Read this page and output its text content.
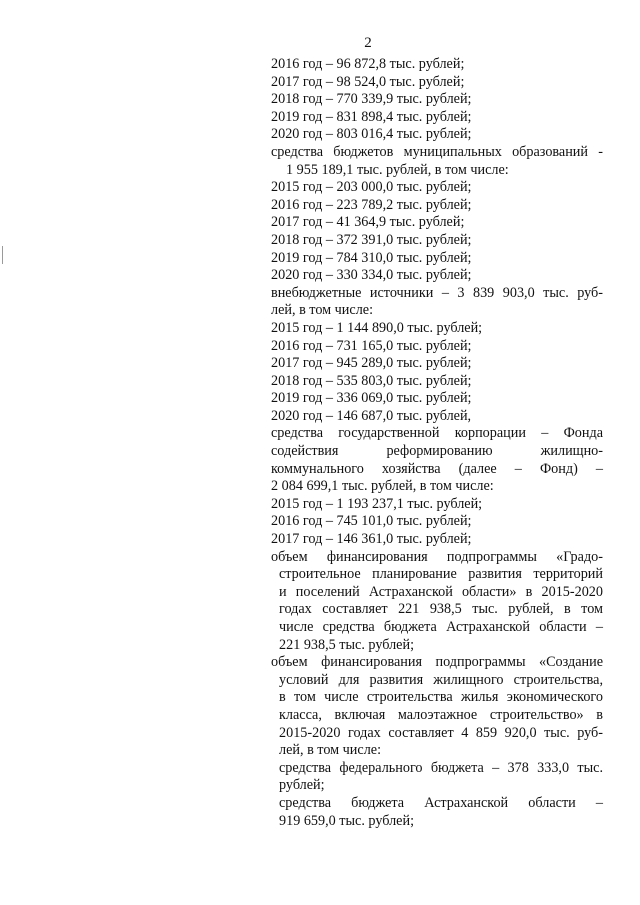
2
2016 год – 96 872,8 тыс. рублей;
2017 год – 98 524,0 тыс. рублей;
2018 год – 770 339,9 тыс. рублей;
2019 год – 831 898,4 тыс. рублей;
2020 год – 803 016,4 тыс. рублей;
средства бюджетов муниципальных образований -
1 955 189,1 тыс. рублей, в том числе:
2015 год – 203 000,0 тыс. рублей;
2016 год – 223 789,2 тыс. рублей;
2017 год – 41 364,9 тыс. рублей;
2018 год – 372 391,0 тыс. рублей;
2019 год – 784 310,0 тыс. рублей;
2020 год – 330 334,0 тыс. рублей;
внебюджетные источники – 3 839 903,0 тыс. руб-
лей, в том числе:
2015 год – 1 144 890,0 тыс. рублей;
2016 год – 731 165,0 тыс. рублей;
2017 год – 945 289,0 тыс. рублей;
2018 год – 535 803,0 тыс. рублей;
2019 год – 336 069,0 тыс. рублей;
2020 год – 146 687,0 тыс. рублей,
средства государственной корпорации – Фонда
содействия реформированию жилищно-
коммунального хозяйства (далее – Фонд) –
2 084 699,1 тыс. рублей, в том числе:
2015 год – 1 193 237,1 тыс. рублей;
2016 год – 745 101,0 тыс. рублей;
2017 год – 146 361,0 тыс. рублей;
объем финансирования подпрограммы «Градо-
строительное планирование развития территорий
и поселений Астраханской области» в 2015-2020
годах составляет 221 938,5 тыс. рублей, в том
числе средства бюджета Астраханской области –
221 938,5 тыс. рублей;
объем финансирования подпрограммы «Создание
условий для развития жилищного строительства,
в том числе строительства жилья экономического
класса, включая малоэтажное строительство» в
2015-2020 годах составляет 4 859 920,0 тыс. руб-
лей, в том числе:
средства федерального бюджета – 378 333,0 тыс.
рублей;
средства бюджета Астраханской области –
919 659,0 тыс. рублей;
